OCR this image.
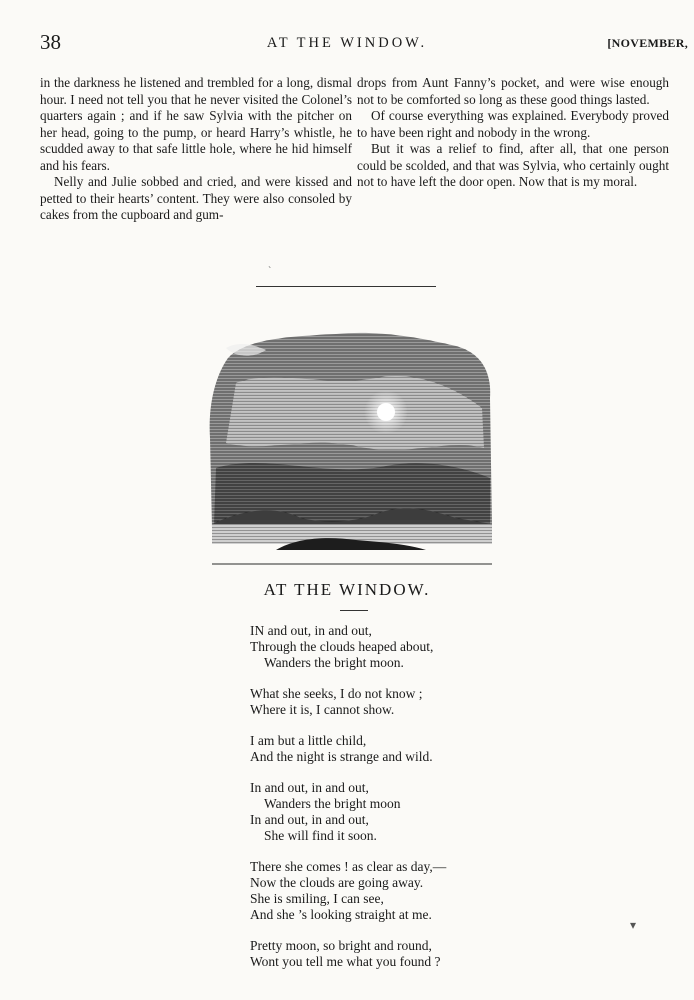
38	AT THE WINDOW.	[NOVEMBER,

in the darkness he listened and trembled for a long, dismal hour. I need not tell you that he never visited the Colonel’s quarters again ; and if he saw Sylvia with the pitcher on her head, going to the pump, or heard Harry’s whistle, he scudded away to that safe little hole, where he hid himself and his fears.

Nelly and Julie sobbed and cried, and were kissed and petted to their hearts’ content. They were also consoled by cakes from the cupboard and gum-

drops from Aunt Fanny’s pocket, and were wise enough not to be comforted so long as these good things lasted.

Of course everything was explained. Everybody proved to have been right and nobody in the wrong.

But it was a relief to find, after all, that one person could be scolded, and that was Sylvia, who certainly ought not to have left the door open. Now that is my moral.

`
AT THE WINDOW.
IN and out, in and out,
Through the clouds heaped about,
Wanders the bright moon.
What she seeks, I do not know ;
Where it is, I cannot show.
I am but a little child,
And the night is strange and wild.
In and out, in and out,
Wanders the bright moon
In and out, in and out,
She will find it soon.
There she comes ! as clear as day,—
Now the clouds are going away.
She is smiling, I can see,
And she ’s looking straight at me.
Pretty moon, so bright and round,
Wont you tell me what you found ?
▾
